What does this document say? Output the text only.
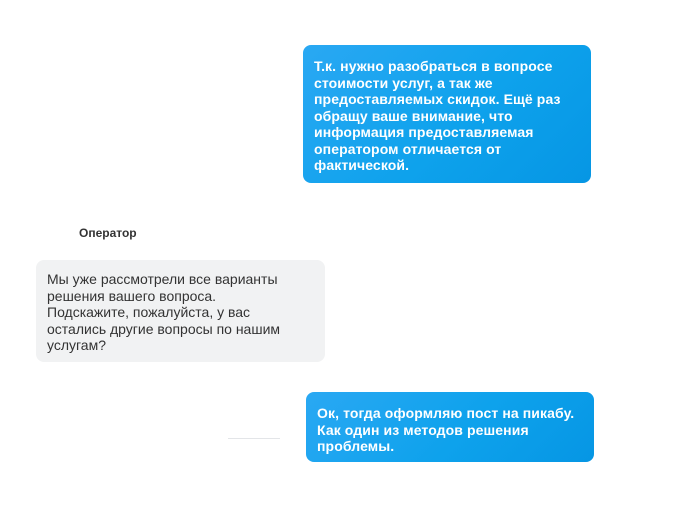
Т.к. нужно разобраться в вопросе
стоимости услуг, а так же
предоставляемых скидок. Ещё раз
обращу ваше внимание, что
информация предоставляемая
оператором отличается от
фактической.
Оператор
Мы уже рассмотрели все варианты
решения вашего вопроса.
Подскажите, пожалуйста, у вас
остались другие вопросы по нашим
услугам?
Ок, тогда оформляю пост на пикабу.
Как один из методов решения
проблемы.
